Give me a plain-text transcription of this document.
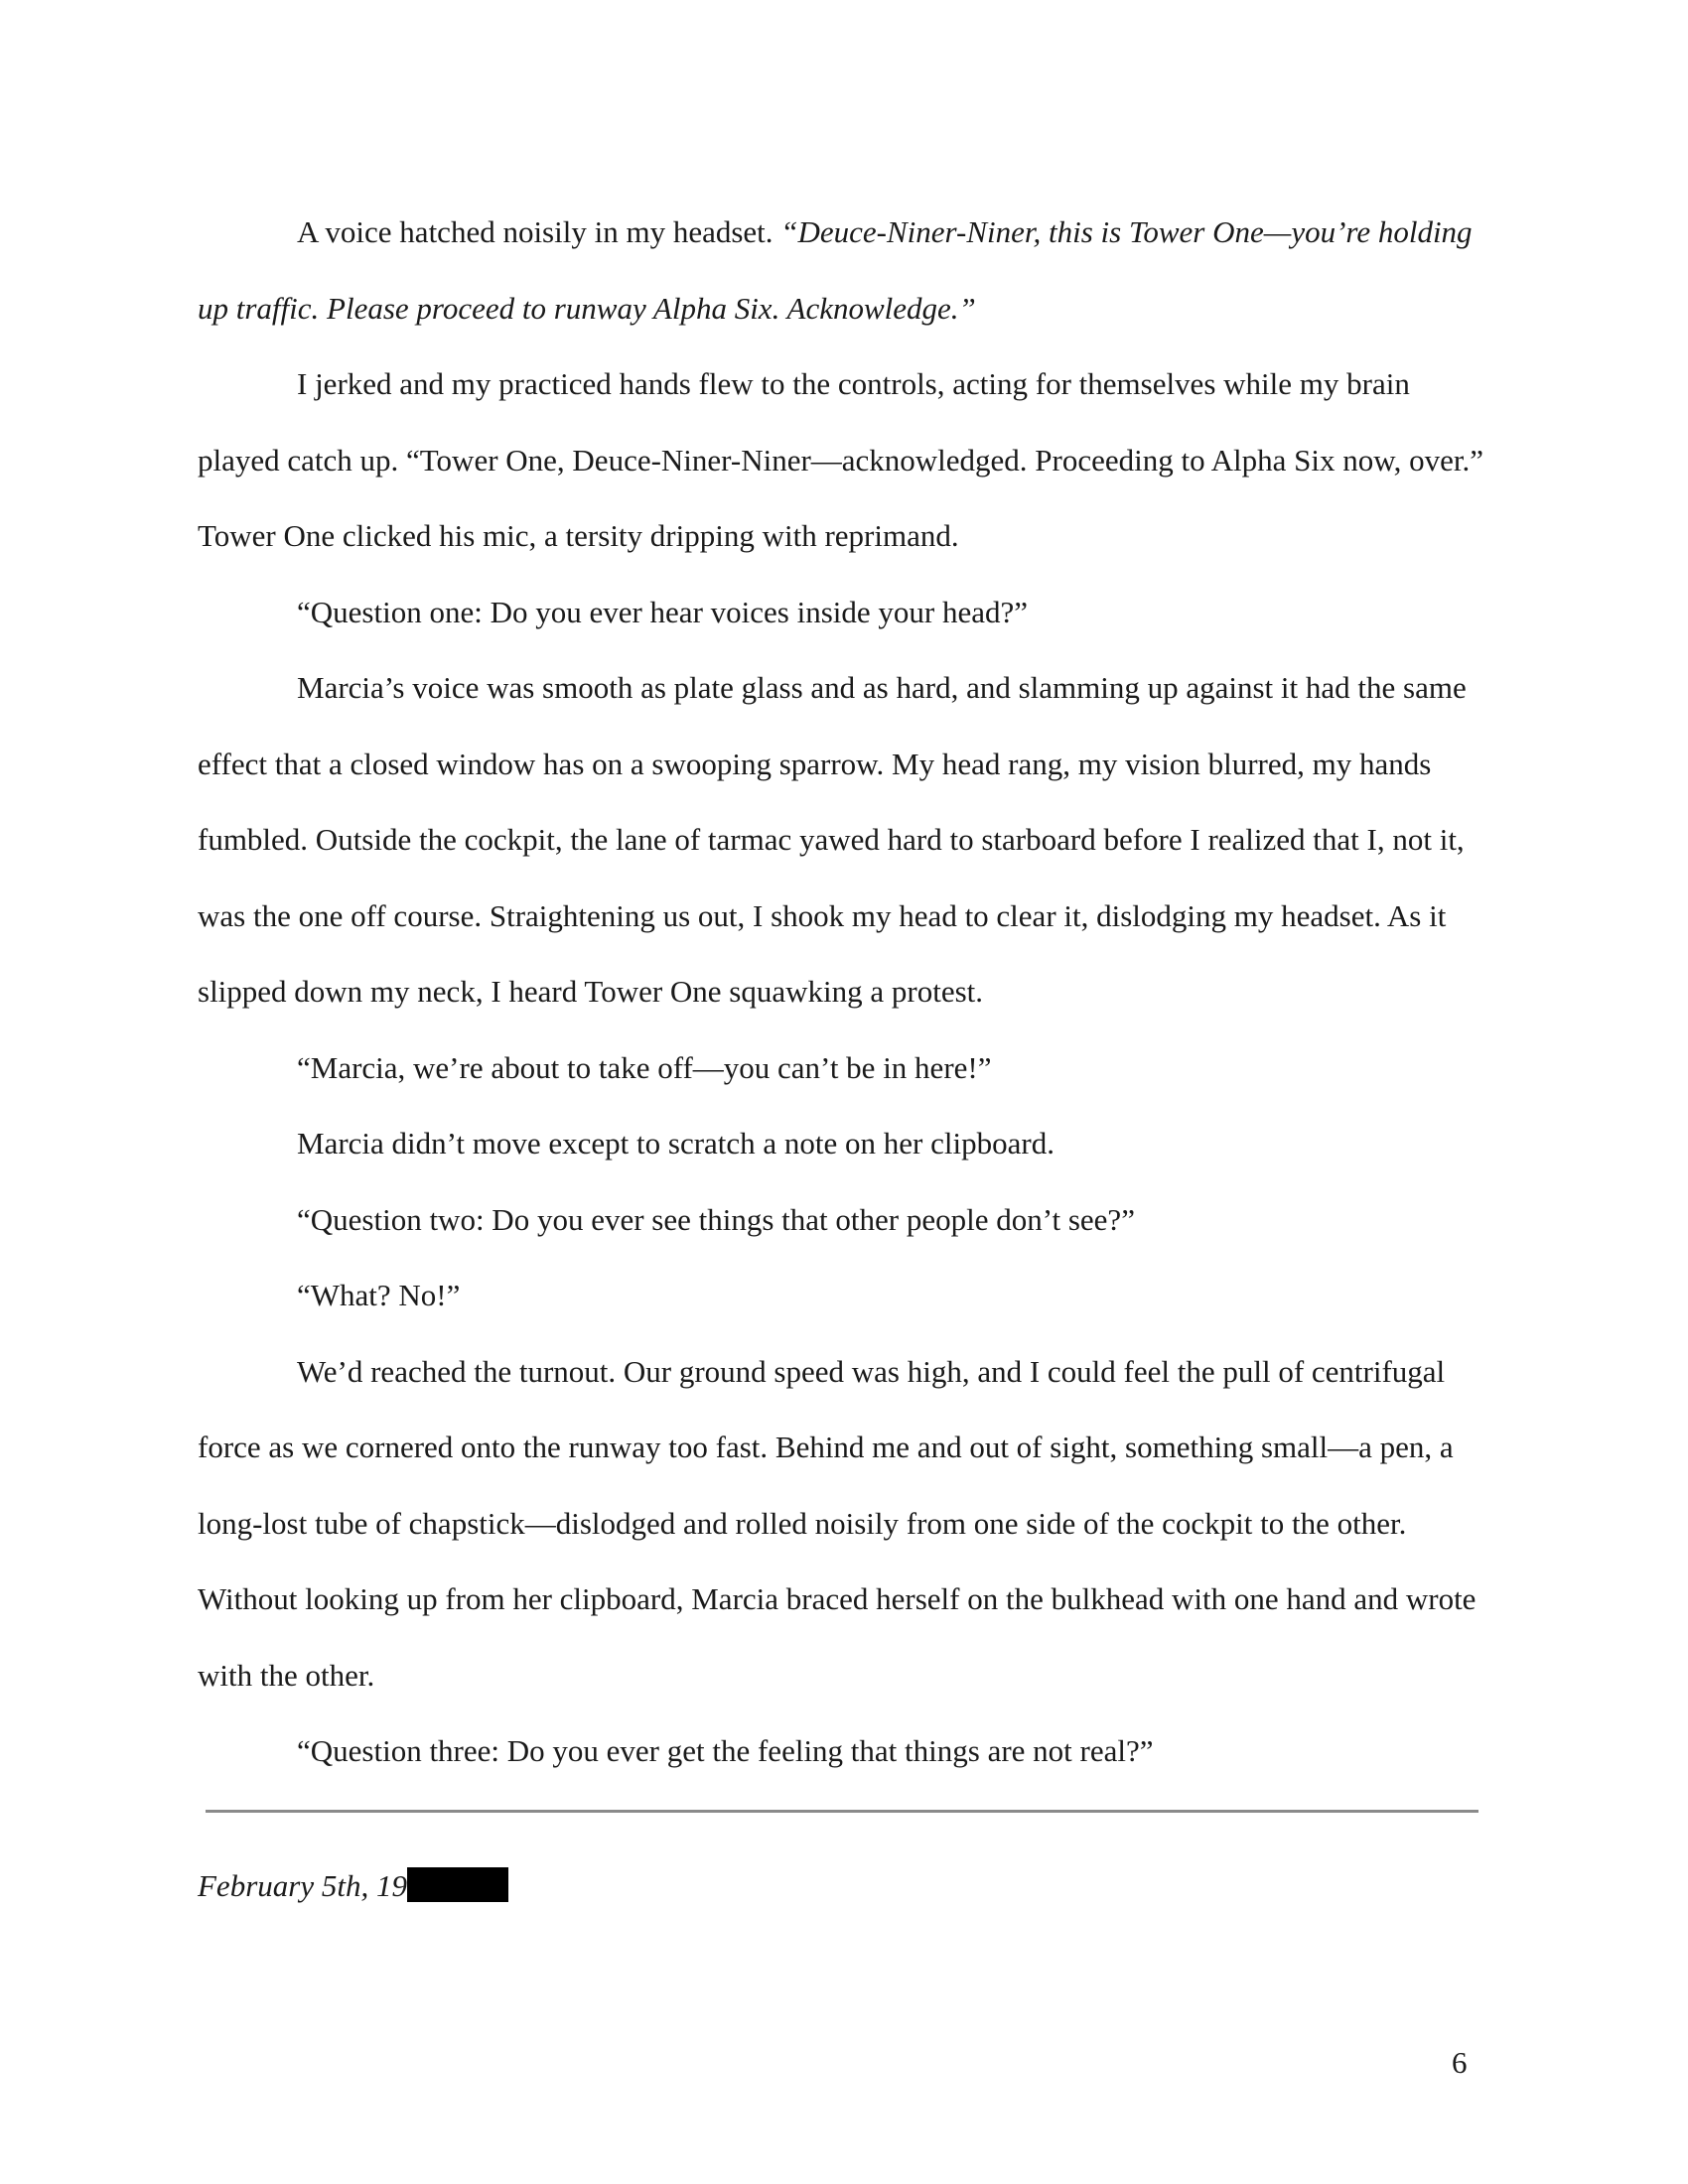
A voice hatched noisily in my headset. “Deuce-Niner-Niner, this is Tower One—you’re holding up traffic. Please proceed to runway Alpha Six. Acknowledge.”

I jerked and my practiced hands flew to the controls, acting for themselves while my brain played catch up. “Tower One, Deuce-Niner-Niner—acknowledged. Proceeding to Alpha Six now, over.” Tower One clicked his mic, a tersity dripping with reprimand.

“Question one: Do you ever hear voices inside your head?”

Marcia’s voice was smooth as plate glass and as hard, and slamming up against it had the same effect that a closed window has on a swooping sparrow. My head rang, my vision blurred, my hands fumbled. Outside the cockpit, the lane of tarmac yawed hard to starboard before I realized that I, not it, was the one off course. Straightening us out, I shook my head to clear it, dislodging my headset. As it slipped down my neck, I heard Tower One squawking a protest.

“Marcia, we’re about to take off—you can’t be in here!”

Marcia didn’t move except to scratch a note on her clipboard.

“Question two: Do you ever see things that other people don’t see?”

“What? No!”

We’d reached the turnout. Our ground speed was high, and I could feel the pull of centrifugal force as we cornered onto the runway too fast. Behind me and out of sight, something small—a pen, a long-lost tube of chapstick—dislodged and rolled noisily from one side of the cockpit to the other. Without looking up from her clipboard, Marcia braced herself on the bulkhead with one hand and wrote with the other.

“Question three: Do you ever get the feeling that things are not real?”

February 5th, 19
6
